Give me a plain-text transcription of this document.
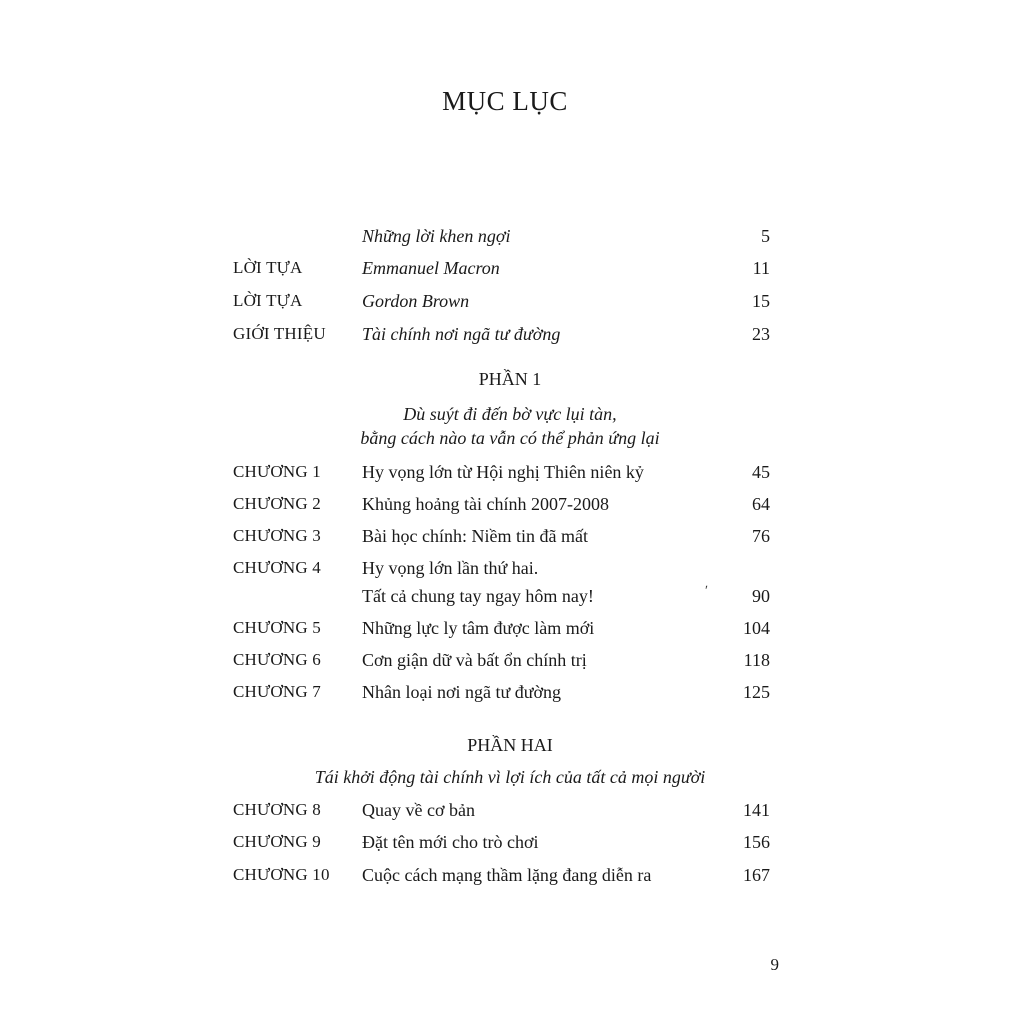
MỤC LỤC
Những lời khen ngợi	5
LỜI TỰA	Emmanuel Macron	11
LỜI TỰA	Gordon Brown	15
GIỚI THIỆU Tài chính nơi ngã tư đường	23
PHẦN 1
Dù suýt đi đến bờ vực lụi tàn,
bằng cách nào ta vẫn có thể phản ứng lại
CHƯƠNG 1 Hy vọng lớn từ Hội nghị Thiên niên kỷ	45
CHƯƠNG 2 Khủng hoảng tài chính 2007-2008	64
CHƯƠNG 3 Bài học chính: Niềm tin đã mất	76
CHƯƠNG 4 Hy vọng lớn lần thứ hai.
Tất cả chung tay ngay hôm nay!	ʹ 90
CHƯƠNG 5 Những lực ly tâm được làm mới	104
CHƯƠNG 6 Cơn giận dữ và bất ổn chính trị	118
CHƯƠNG 7 Nhân loại nơi ngã tư đường	125
PHẦN HAI
Tái khởi động tài chính vì lợi ích của tất cả mọi người
CHƯƠNG 8 Quay về cơ bản	141
CHƯƠNG 9 Đặt tên mới cho trò chơi	156
CHƯƠNG 10 Cuộc cách mạng thầm lặng đang diễn ra	167
9
